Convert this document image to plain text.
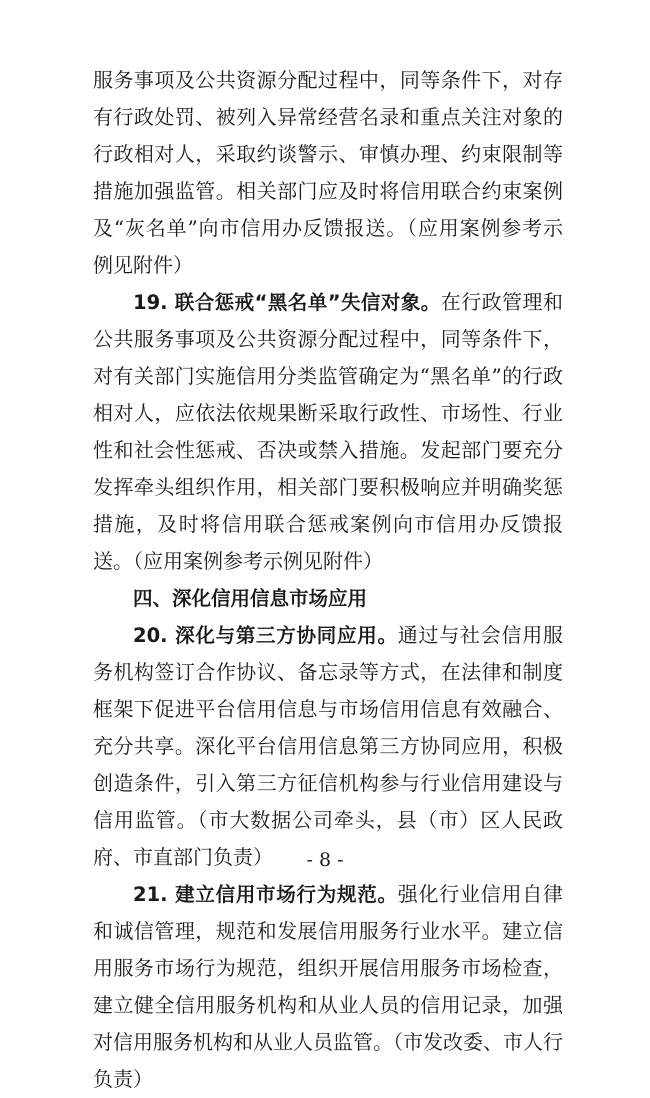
服务事项及公共资源分配过程中，同等条件下，对存有行政处罚、被列入异常经营名录和重点关注对象的行政相对人，采取约谈警示、审慎办理、约束限制等措施加强监管。相关部门应及时将信用联合约束案例及“灰名单”向市信用办反馈报送。（应用案例参考示例见附件）

19. 联合惩戒“黑名单”失信对象。在行政管理和公共服务事项及公共资源分配过程中，同等条件下，对有关部门实施信用分类监管确定为“黑名单”的行政相对人，应依法依规果断采取行政性、市场性、行业性和社会性惩戒、否决或禁入措施。发起部门要充分发挥牵头组织作用，相关部门要积极响应并明确奖惩措施，及时将信用联合惩戒案例向市信用办反馈报送。（应用案例参考示例见附件）

四、深化信用信息市场应用

20. 深化与第三方协同应用。通过与社会信用服务机构签订合作协议、备忘录等方式，在法律和制度框架下促进平台信用信息与市场信用信息有效融合、充分共享。深化平台信用信息第三方协同应用，积极创造条件，引入第三方征信机构参与行业信用建设与信用监管。（市大数据公司牵头，县（市）区人民政府、市直部门负责）

21. 建立信用市场行为规范。强化行业信用自律和诚信管理，规范和发展信用服务行业水平。建立信用服务市场行为规范，组织开展信用服务市场检查，建立健全信用服务机构和从业人员的信用记录，加强对信用服务机构和从业人员监管。（市发改委、市人行负责）

- 8 -
